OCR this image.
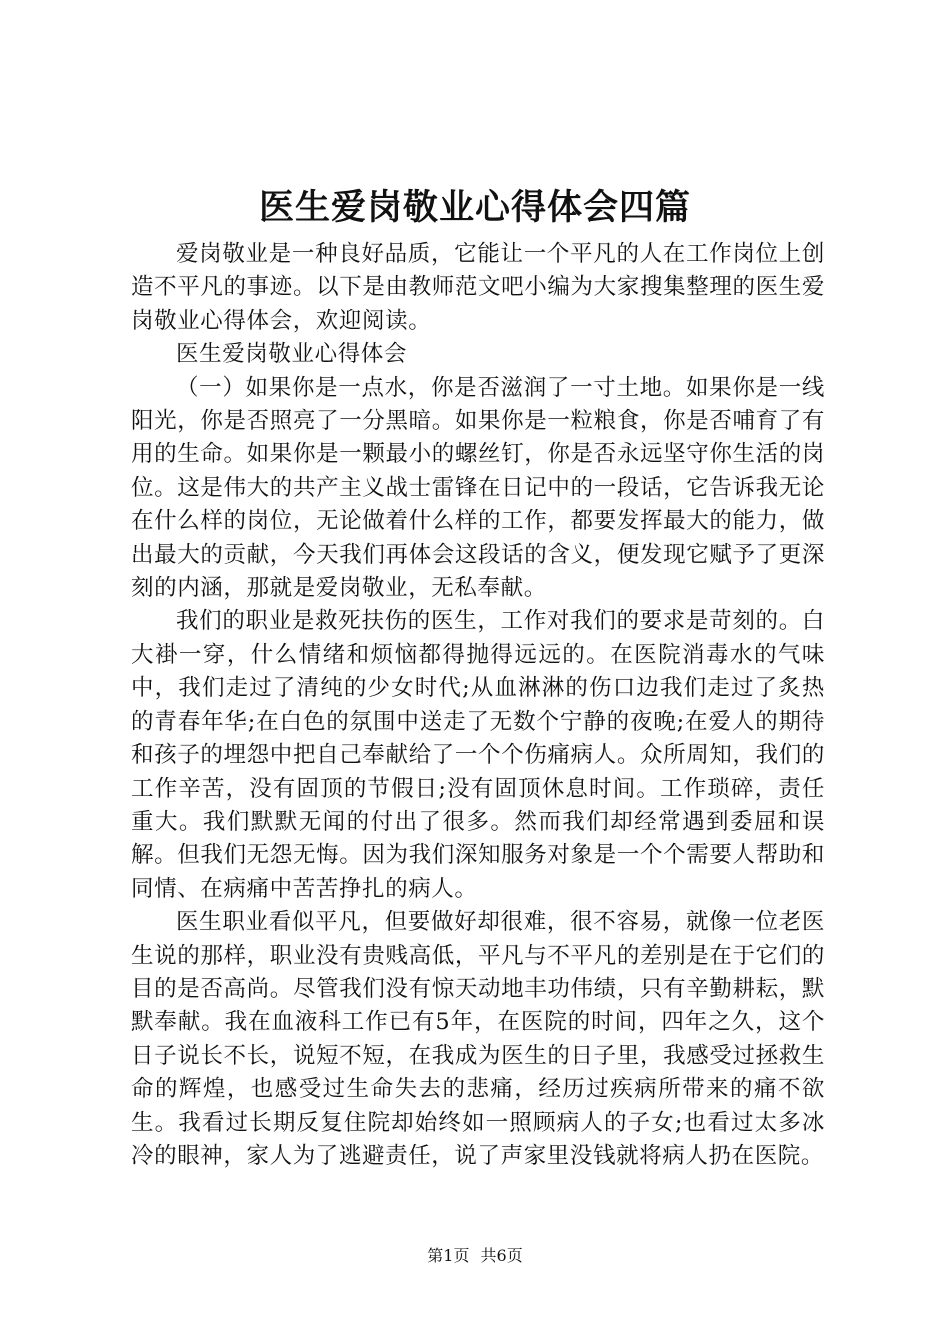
医生爱岗敬业心得体会四篇

爱岗敬业是一种良好品质，它能让一个平凡的人在工作岗位上创造不平凡的事迹。以下是由教师范文吧小编为大家搜集整理的医生爱岗敬业心得体会，欢迎阅读。

医生爱岗敬业心得体会

（一）如果你是一点水，你是否滋润了一寸土地。如果你是一线阳光，你是否照亮了一分黑暗。如果你是一粒粮食，你是否哺育了有用的生命。如果你是一颗最小的螺丝钉，你是否永远坚守你生活的岗位。这是伟大的共产主义战士雷锋在日记中的一段话，它告诉我无论在什么样的岗位，无论做着什么样的工作，都要发挥最大的能力，做出最大的贡献，今天我们再体会这段话的含义，便发现它赋予了更深刻的内涵，那就是爱岗敬业，无私奉献。

我们的职业是救死扶伤的医生，工作对我们的要求是苛刻的。白大褂一穿，什么情绪和烦恼都得抛得远远的。在医院消毒水的气味中，我们走过了清纯的少女时代;从血淋淋的伤口边我们走过了炙热的青春年华;在白色的氛围中送走了无数个宁静的夜晚;在爱人的期待和孩子的埋怨中把自己奉献给了一个个伤痛病人。众所周知，我们的工作辛苦，没有固顶的节假日;没有固顶休息时间。工作琐碎，责任重大。我们默默无闻的付出了很多。然而我们却经常遇到委屈和误解。但我们无怨无悔。因为我们深知服务对象是一个个需要人帮助和同情、在病痛中苦苦挣扎的病人。

医生职业看似平凡，但要做好却很难，很不容易，就像一位老医生说的那样，职业没有贵贱高低，平凡与不平凡的差别是在于它们的目的是否高尚。尽管我们没有惊天动地丰功伟绩，只有辛勤耕耘，默默奉献。我在血液科工作已有5年，在医院的时间，四年之久，这个日子说长不长，说短不短，在我成为医生的日子里，我感受过拯救生命的辉煌，也感受过生命失去的悲痛，经历过疾病所带来的痛不欲生。我看过长期反复住院却始终如一照顾病人的子女;也看过太多冰冷的眼神，家人为了逃避责任，说了声家里没钱就将病人扔在医院。

第1页 共6页
